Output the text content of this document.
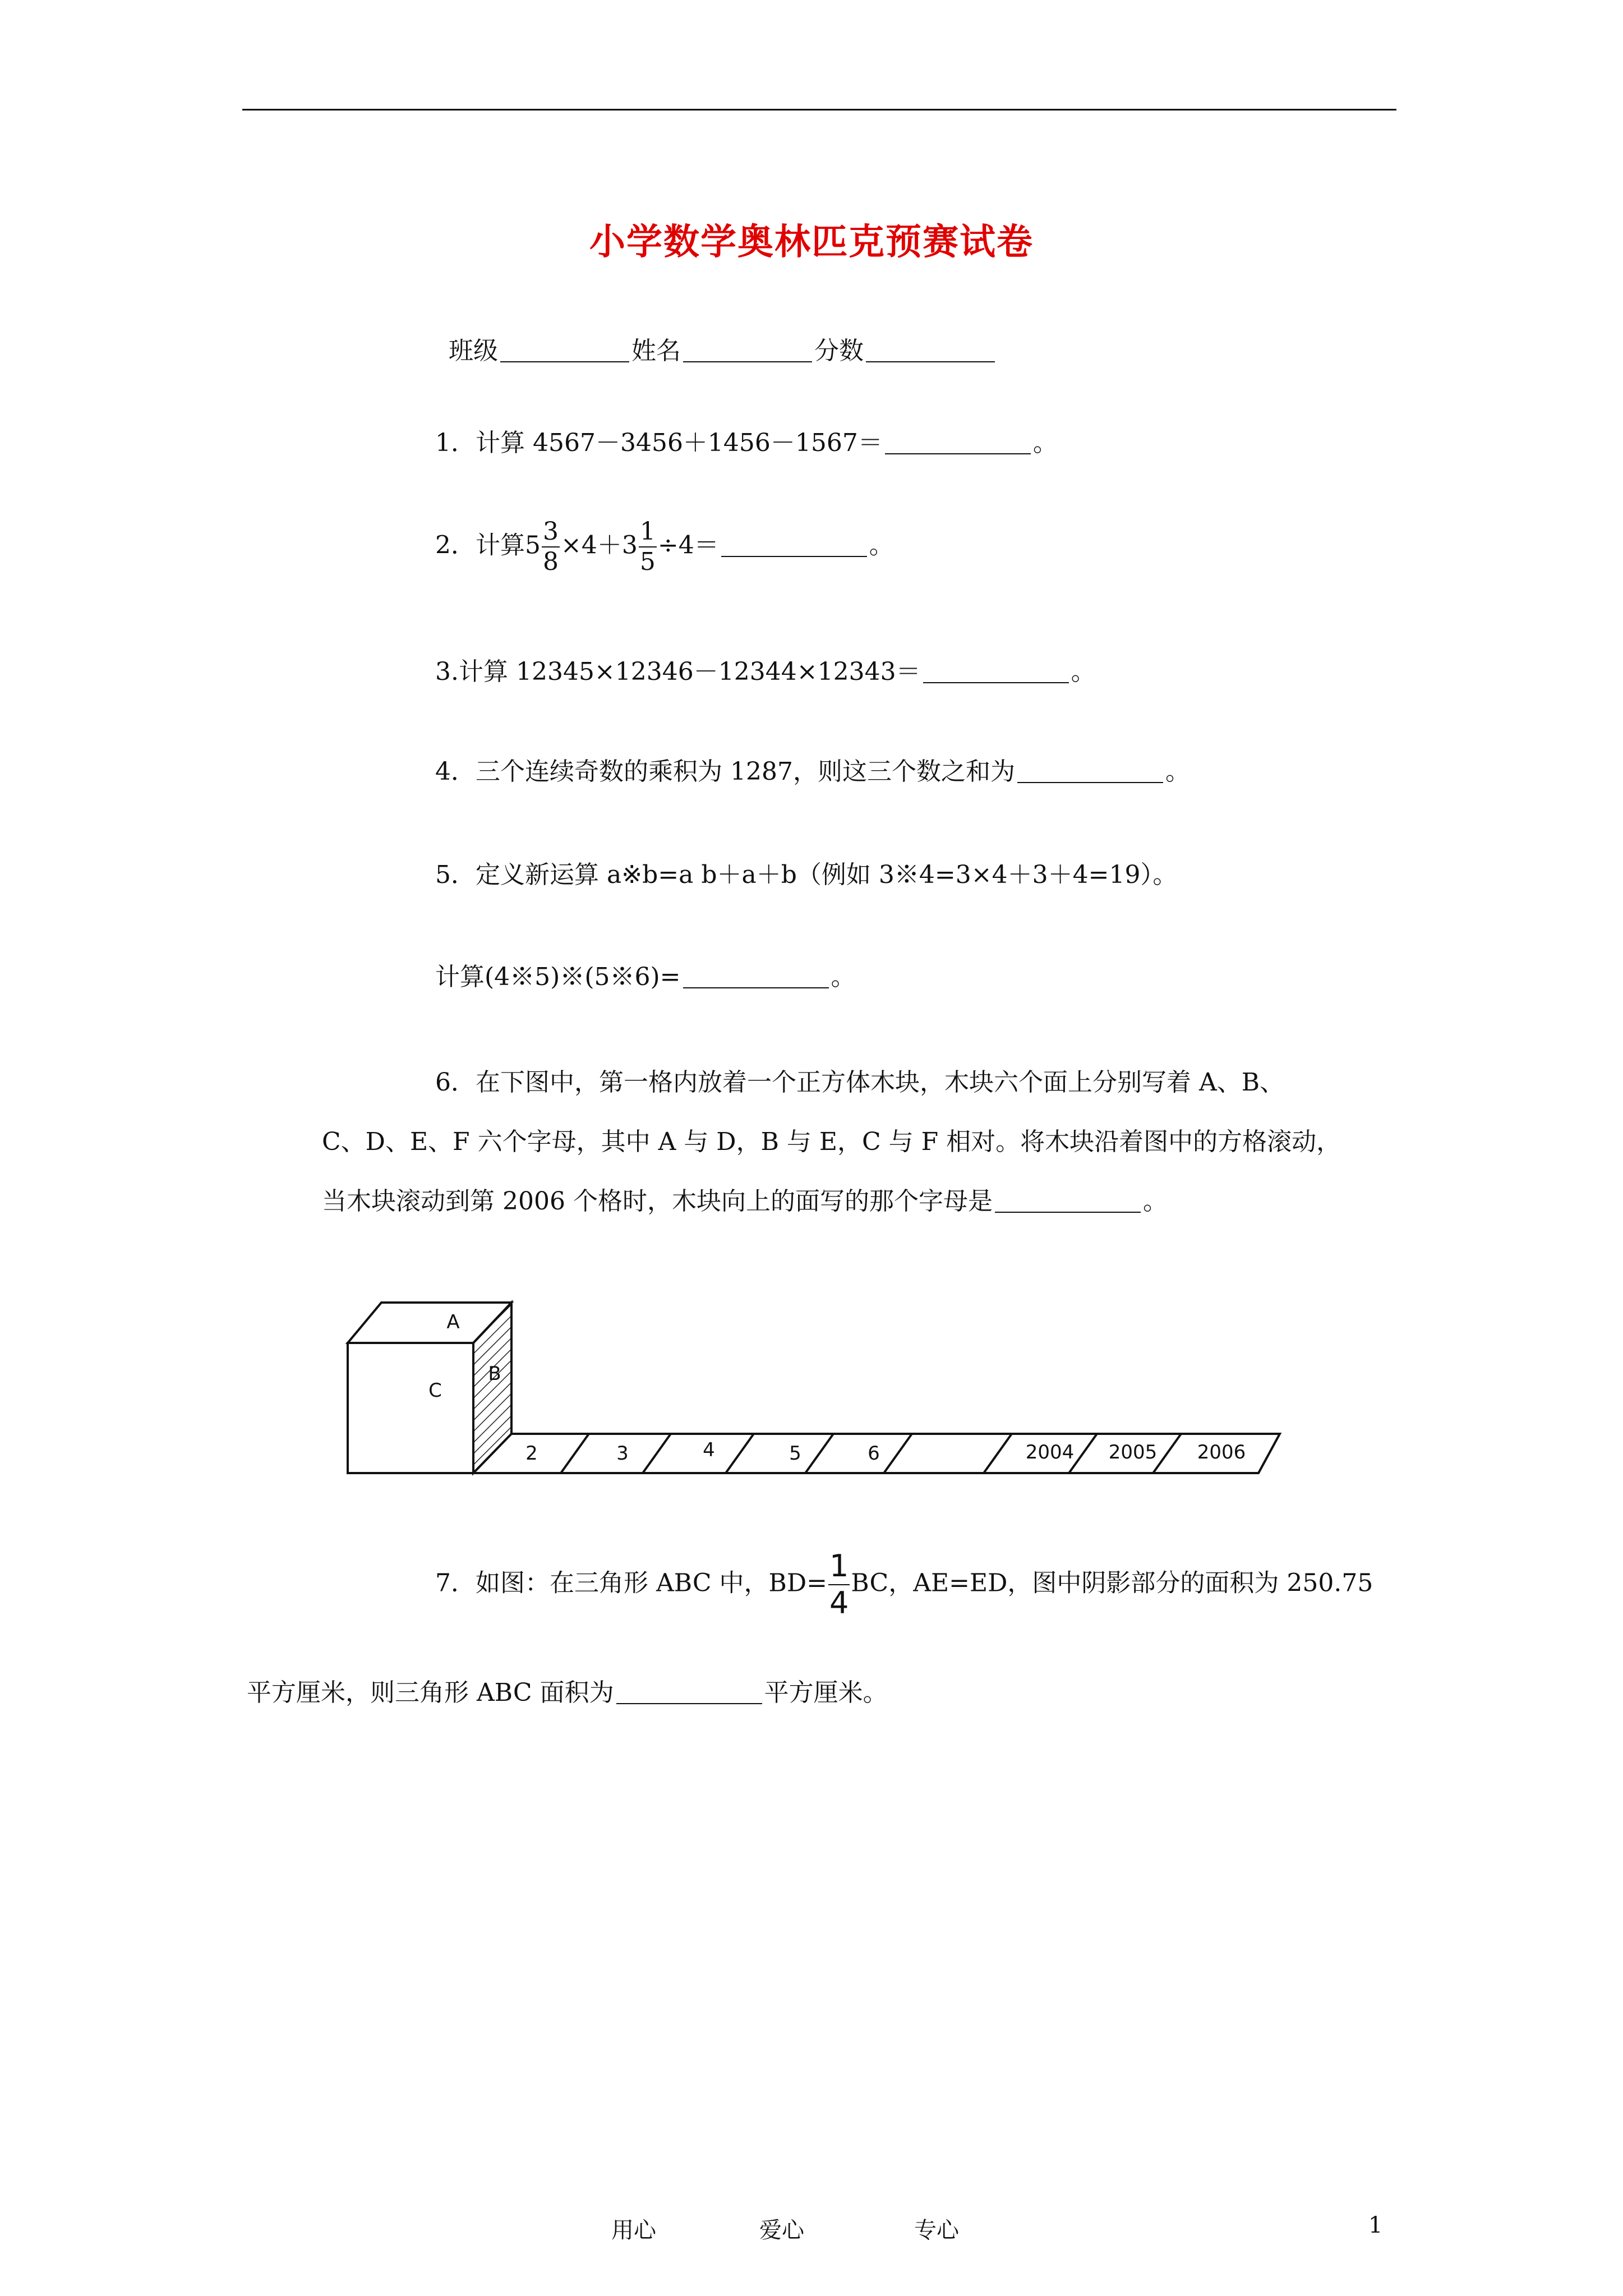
小学数学奥林匹克预赛试卷
班级	姓名	分数
1．计算 4567－3456＋1456－1567＝	。
2．计算$5 \frac{3}{8} \times 4+3 \frac{1}{5} \div 4=$	。
3.计算 12345×12346－12344×12343＝	。
4．三个连续奇数的乘积为 1287，则这三个数之和为	。
5．定义新运算 a※b=a b＋a＋b（例如 3※4=3×4＋3＋4=19）。
计算(4※5)※(5※6)=	。
6．在下图中，第一格内放着一个正方体木块，木块六个面上分别写着 A、B、
C、D、E、F 六个字母，其中 A 与 D，B 与 E，C 与 F 相对。将木块沿着图中的方格滚动，
当木块滚动到第 2006 个格时，木块向上的面写的那个字母是	。
A
C
B
2	3	4	5	6	2004 2005 2006
7．如图：在三角形 ABC 中，$BD= \frac{1}{4}$ BC，AE=ED，图中阴影部分的面积为 250.75
平方厘米，则三角形 ABC 面积为	平方厘米。
用心	爱心	专心	1
